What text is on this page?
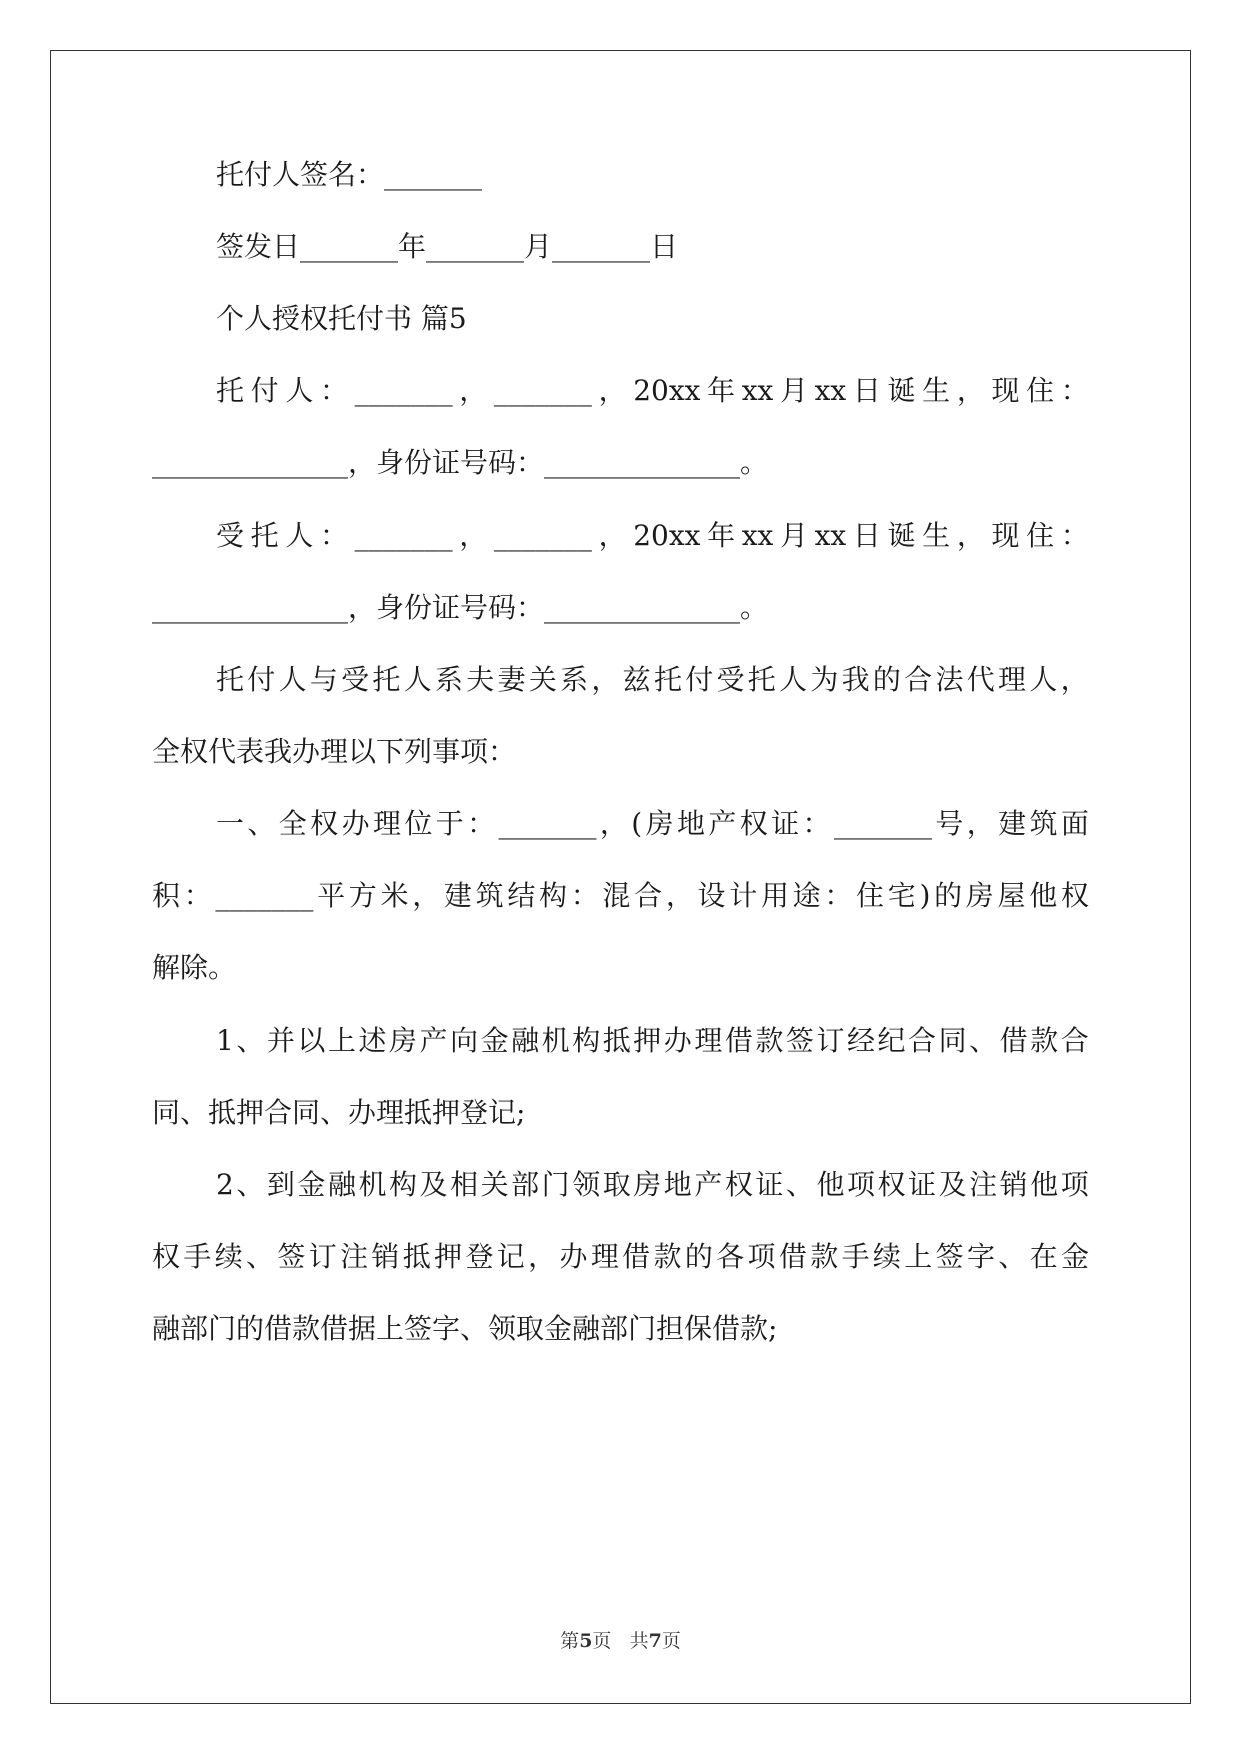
托付人签名：_______
签发日_______年_______月_______日
个人授权托付书 篇5
托 付 人 ： _______ ， _______ ， 20xx 年 xx 月 xx 日 诞 生 ， 现 住 ：
______________，身份证号码：______________。
受 托 人 ： _______ ， _______ ， 20xx 年 xx 月 xx 日 诞 生 ， 现 住 ：
______________，身份证号码：______________。
托 付 人 与 受 托 人 系 夫 妻 关 系 ， 兹 托 付 受 托 人 为 我 的 合 法 代 理 人 ，
全权代表我办理以下列事项：
一 、 全 权 办 理 位 于 ： _______ ， ( 房 地 产 权 证 ： _______ 号 ， 建 筑 面
积 ： _______ 平 方 米 ， 建 筑 结 构 ： 混 合 ， 设 计 用 途 ： 住 宅 ) 的 房 屋 他 权
解除。
1 、 并 以 上 述 房 产 向 金 融 机 构 抵 押 办 理 借 款 签 订 经 纪 合 同 、 借 款 合
同、抵押合同、办理抵押登记;
2 、 到 金 融 机 构 及 相 关 部 门 领 取 房 地 产 权 证 、 他 项 权 证 及 注 销 他 项
权 手 续 、 签 订 注 销 抵 押 登 记 ， 办 理 借 款 的 各 项 借 款 手 续 上 签 字 、 在 金
融部门的借款借据上签字、领取金融部门担保借款;
第5页 共7页
